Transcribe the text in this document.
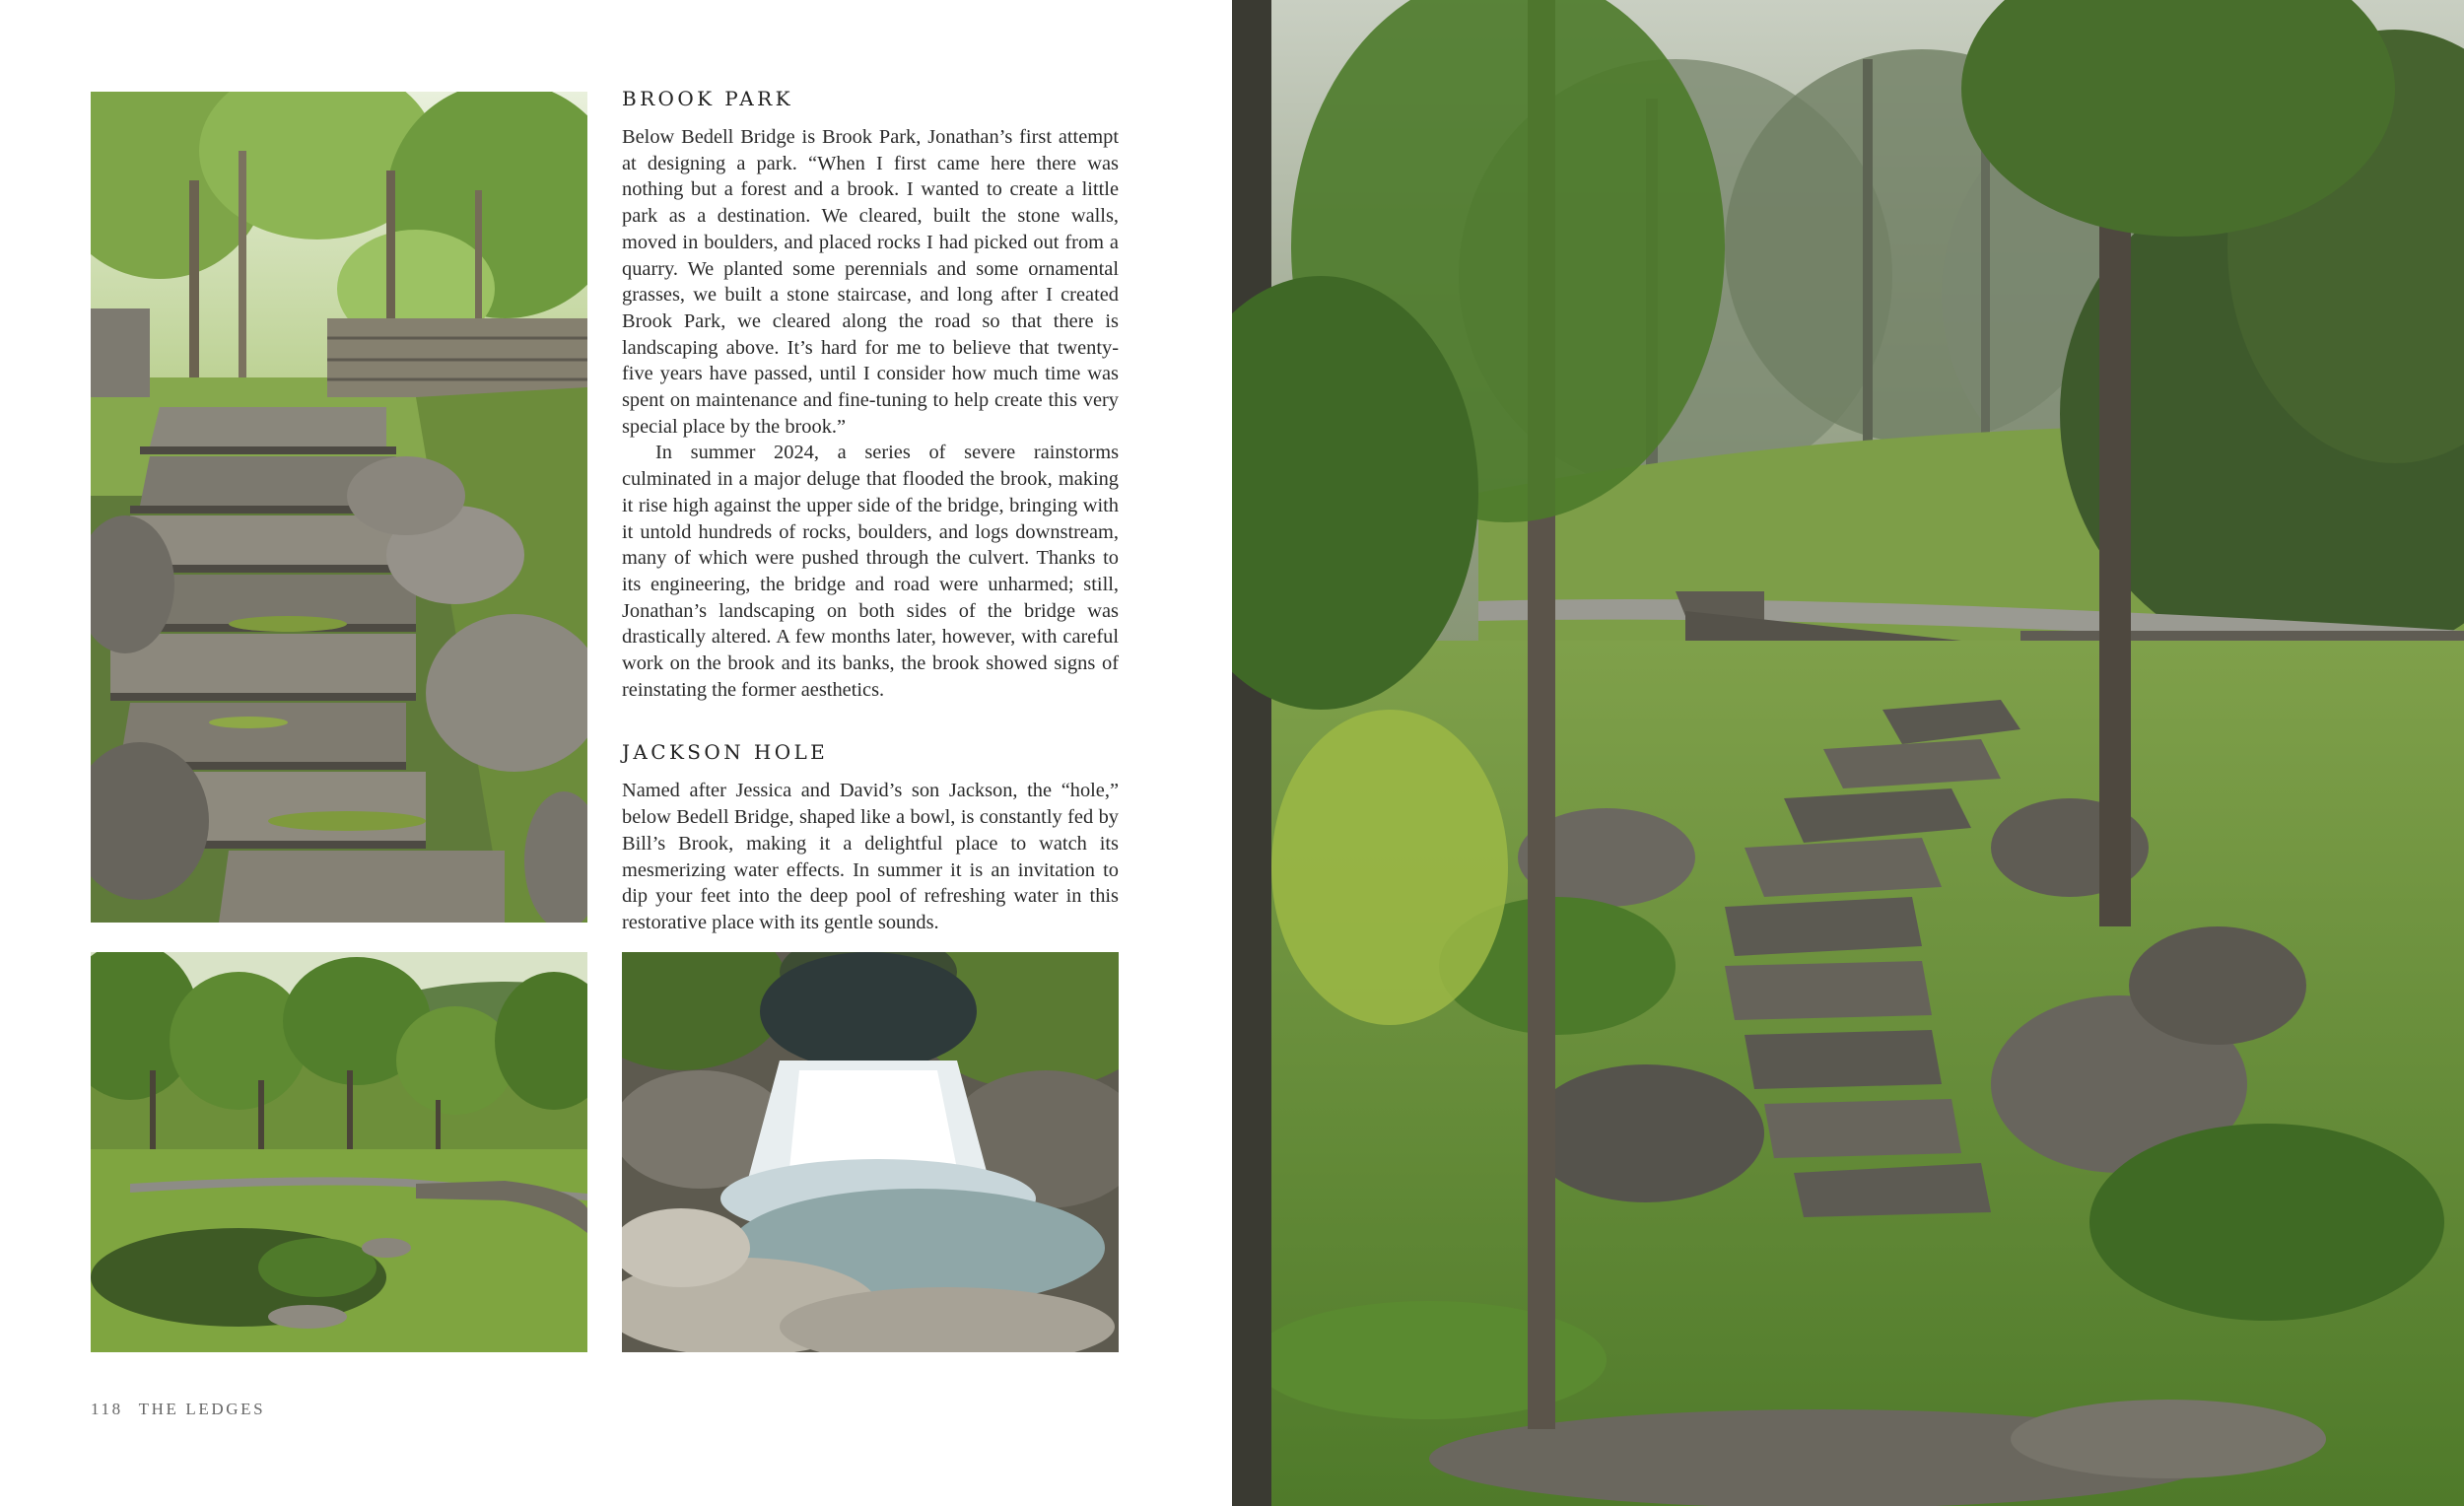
BROOK PARK

Below Bedell Bridge is Brook Park, Jonathan’s first attempt at designing a park. “When I first came here there was nothing but a forest and a brook. I wanted to create a little park as a destination. We cleared, built the stone walls, moved in boulders, and placed rocks I had picked out from a quarry. We planted some perennials and some ornamental grasses, we built a stone staircase, and long after I created Brook Park, we cleared along the road so that there is landscaping above. It’s hard for me to believe that twenty-five years have passed, until I consider how much time was spent on maintenance and fine-tuning to help create this very special place by the brook.”

In summer 2024, a series of severe rainstorms culminated in a major deluge that flooded the brook, making it rise high against the upper side of the bridge, bringing with it untold hundreds of rocks, boulders, and logs downstream, many of which were pushed through the culvert. Thanks to its engineering, the bridge and road were unharmed; still, Jonathan’s landscaping on both sides of the bridge was drastically altered. A few months later, however, with careful work on the brook and its banks, the brook showed signs of reinstating the former aesthetics.

JACKSON HOLE

Named after Jessica and David’s son Jackson, the “hole,” below Bedell Bridge, shaped like a bowl, is constantly fed by Bill’s Brook, making it a delightful place to watch its mesmerizing water effects. In summer it is an invitation to dip your feet into the deep pool of refreshing water in this restorative place with its gentle sounds.

118 THE LEDGES
